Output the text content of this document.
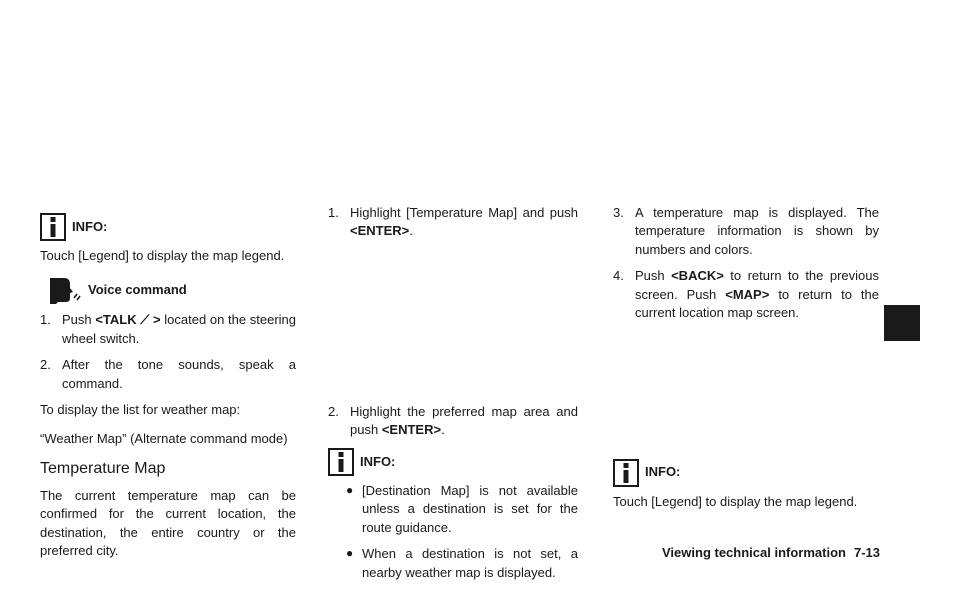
INFO:

Touch [Legend] to display the map legend.

Voice command
1. Push <TALK ⟋ > located on the steering wheel switch.
2. After the tone sounds, speak a command.

To display the list for weather map:

“Weather Map” (Alternate command mode)

Temperature Map

The current temperature map can be confirmed for the current location, the destination, the entire country or the preferred city.

1. Highlight [Temperature Map] and push <ENTER>.
2. Highlight the preferred map area and push <ENTER>.
INFO:
● [Destination Map] is not available unless a destination is set for the route guidance.
● When a destination is not set, a nearby weather map is displayed.
3. A temperature map is displayed. The temperature information is shown by numbers and colors.
4. Push <BACK> to return to the previous screen. Push <MAP> to return to the current location map screen.
INFO:

Touch [Legend] to display the map legend.

Viewing technical information 7-13
